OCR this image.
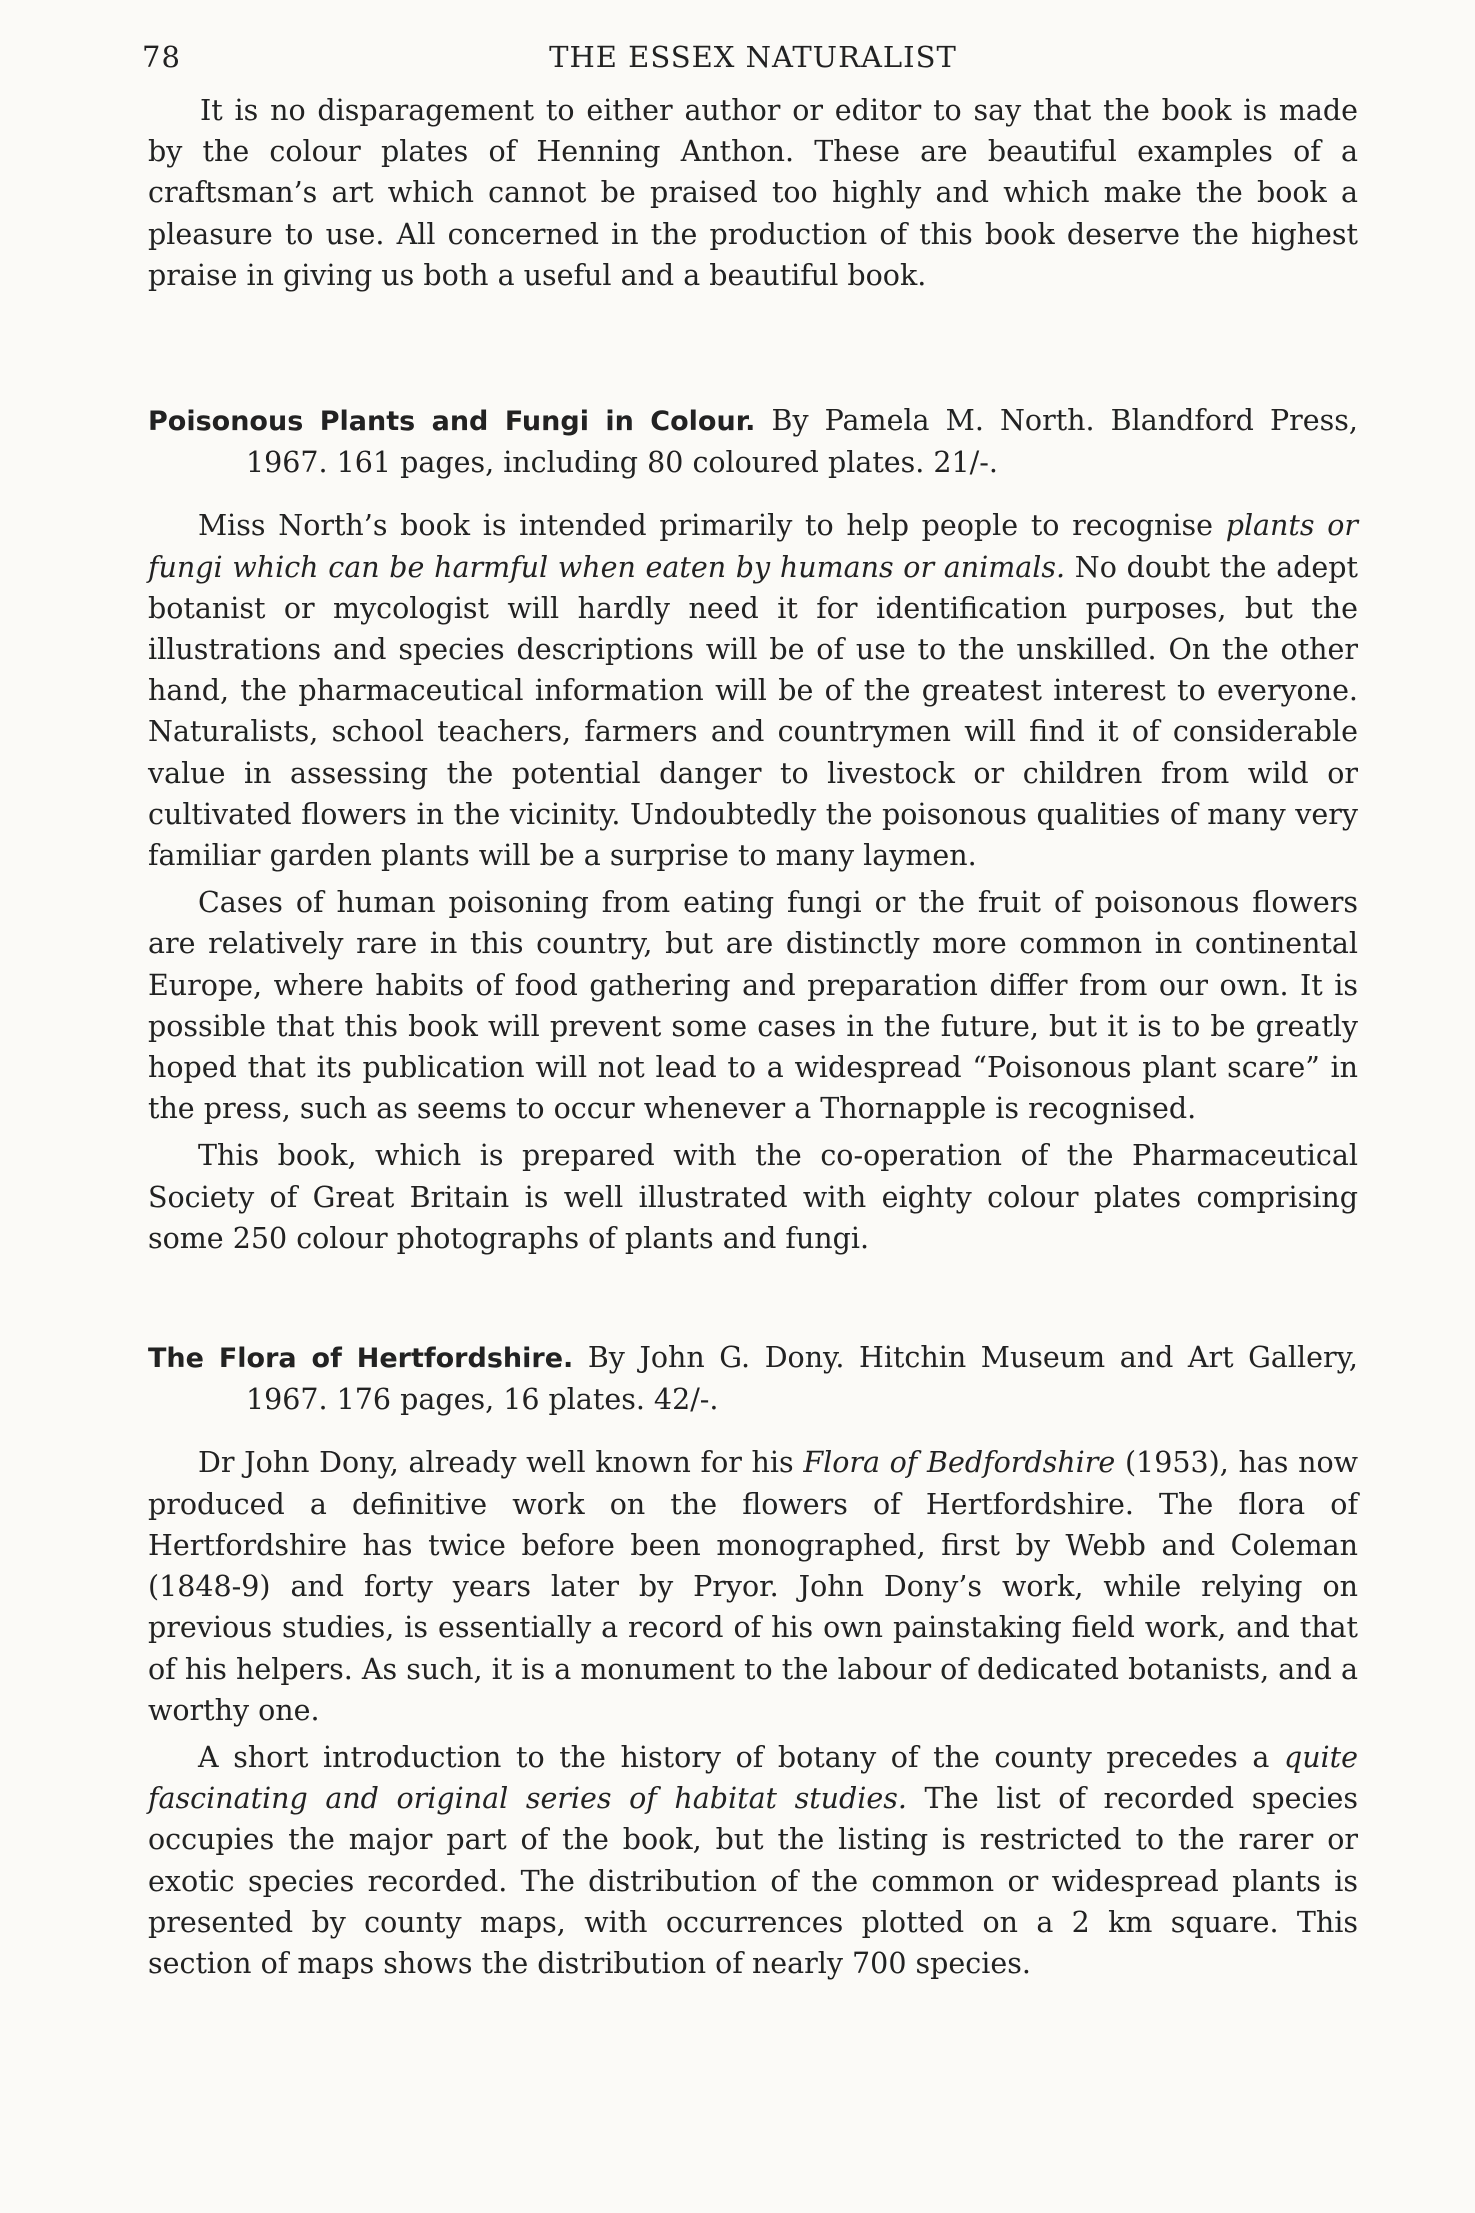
78	THE ESSEX NATURALIST

It is no disparagement to either author or editor to say that the book is made by the colour plates of Henning Anthon. These are beautiful examples of a craftsman’s art which cannot be praised too highly and which make the book a pleasure to use. All concerned in the production of this book deserve the highest praise in giving us both a useful and a beautiful book.

Poisonous Plants and Fungi in Colour. By Pamela M. North. Blandford Press, 1967. 161 pages, including 80 coloured plates. 21/-.

Miss North’s book is intended primarily to help people to recognise plants or fungi which can be harmful when eaten by humans or animals. No doubt the adept botanist or mycologist will hardly need it for identification purposes, but the illustrations and species descriptions will be of use to the unskilled. On the other hand, the pharmaceutical information will be of the greatest interest to everyone. Naturalists, school teachers, farmers and countrymen will find it of considerable value in assessing the potential danger to livestock or children from wild or cultivated flowers in the vicinity. Undoubtedly the poisonous qualities of many very familiar garden plants will be a surprise to many laymen.

Cases of human poisoning from eating fungi or the fruit of poisonous flowers are relatively rare in this country, but are distinctly more common in continental Europe, where habits of food gathering and preparation differ from our own. It is possible that this book will prevent some cases in the future, but it is to be greatly hoped that its publication will not lead to a widespread “Poisonous plant scare” in the press, such as seems to occur whenever a Thornapple is recognised.

This book, which is prepared with the co-operation of the Pharmaceutical Society of Great Britain is well illustrated with eighty colour plates comprising some 250 colour photographs of plants and fungi.

The Flora of Hertfordshire. By John G. Dony. Hitchin Museum and Art Gallery, 1967. 176 pages, 16 plates. 42/-.

Dr John Dony, already well known for his Flora of Bedfordshire (1953), has now produced a definitive work on the flowers of Hertfordshire. The flora of Hertfordshire has twice before been monographed, first by Webb and Coleman (1848-9) and forty years later by Pryor. John Dony’s work, while relying on previous studies, is essentially a record of his own painstaking field work, and that of his helpers. As such, it is a monument to the labour of dedicated botanists, and a worthy one.

A short introduction to the history of botany of the county precedes a quite fascinating and original series of habitat studies. The list of recorded species occupies the major part of the book, but the listing is restricted to the rarer or exotic species recorded. The distribution of the common or widespread plants is presented by county maps, with occurrences plotted on a 2 km square. This section of maps shows the distribution of nearly 700 species.
